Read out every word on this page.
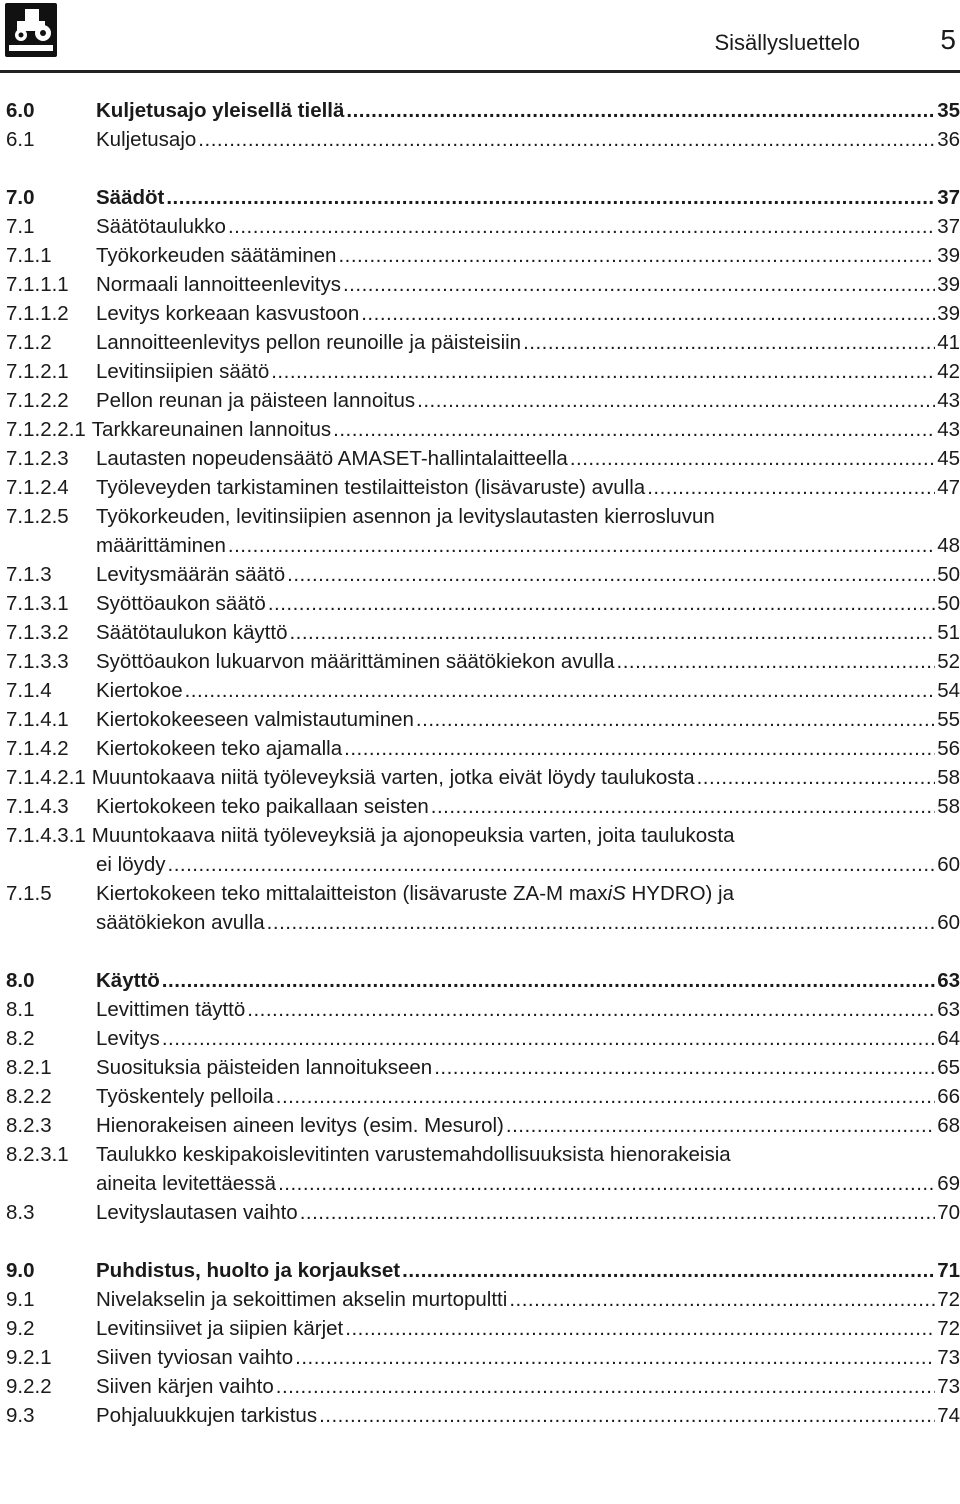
Sisällysluettelo	5
6.0	Kuljetusajo yleisellä tiellä .....	35
6.1	Kuljetusajo .....	36
7.0	Säädöt .....	37
7.1	Säätötaulukko .....	37
7.1.1 Työkorkeuden säätäminen .....	39
7.1.1.1 Normaali lannoitteenlevitys .....	39
7.1.1.2 Levitys korkeaan kasvustoon .....	39
7.1.2 Lannoitteenlevitys pellon reunoille ja päisteisiin .....	41
7.1.2.1 Levitinsiipien säätö .....	42
7.1.2.2 Pellon reunan ja päisteen lannoitus .....	43
7.1.2.2.1 Tarkkareunainen lannoitus .....	43
7.1.2.3 Lautasten nopeudensäätö AMASET-hallintalaitteella .....	45
7.1.2.4 Työleveyden tarkistaminen testilaitteiston (lisävaruste) avulla .....	47
7.1.2.5 Työkorkeuden, levitinsiipien asennon ja levityslautasten kierrosluvun
määrittäminen .....	48
7.1.3 Levitysmäärän säätö .....	50
7.1.3.1 Syöttöaukon säätö .....	50
7.1.3.2 Säätötaulukon käyttö .....	51
7.1.3.3 Syöttöaukon lukuarvon määrittäminen säätökiekon avulla .....	52
7.1.4 Kiertokoe .....	54
7.1.4.1 Kiertokokeeseen valmistautuminen .....	55
7.1.4.2 Kiertokokeen teko ajamalla .....	56
7.1.4.2.1 Muuntokaava niitä työleveyksiä varten, jotka eivät löydy taulukosta .....	58
7.1.4.3 Kiertokokeen teko paikallaan seisten .....	58
7.1.4.3.1 Muuntokaava niitä työleveyksiä ja ajonopeuksia varten, joita taulukosta
ei löydy .....	60
7.1.5 Kiertokokeen teko mittalaitteiston (lisävaruste ZA-M maxiS HYDRO) ja
säätökiekon avulla .....	60
8.0	Käyttö .....	63
8.1	Levittimen täyttö .....	63
8.2	Levitys .....	64
8.2.1 Suosituksia päisteiden lannoitukseen .....	65
8.2.2 Työskentely pelloila .....	66
8.2.3 Hienorakeisen aineen levitys (esim. Mesurol) .....	68
8.2.3.1 Taulukko keskipakoislevitinten varustemahdollisuuksista hienorakeisia
aineita levitettäessä .....	69
8.3	Levityslautasen vaihto .....	70
9.0	Puhdistus, huolto ja korjaukset .....	71
9.1	Nivelakselin ja sekoittimen akselin murtopultti .....	72
9.2	Levitinsiivet ja siipien kärjet .....	72
9.2.1 Siiven tyviosan vaihto .....	73
9.2.2 Siiven kärjen vaihto .....	73
9.3	Pohjaluukkujen tarkistus .....	74
